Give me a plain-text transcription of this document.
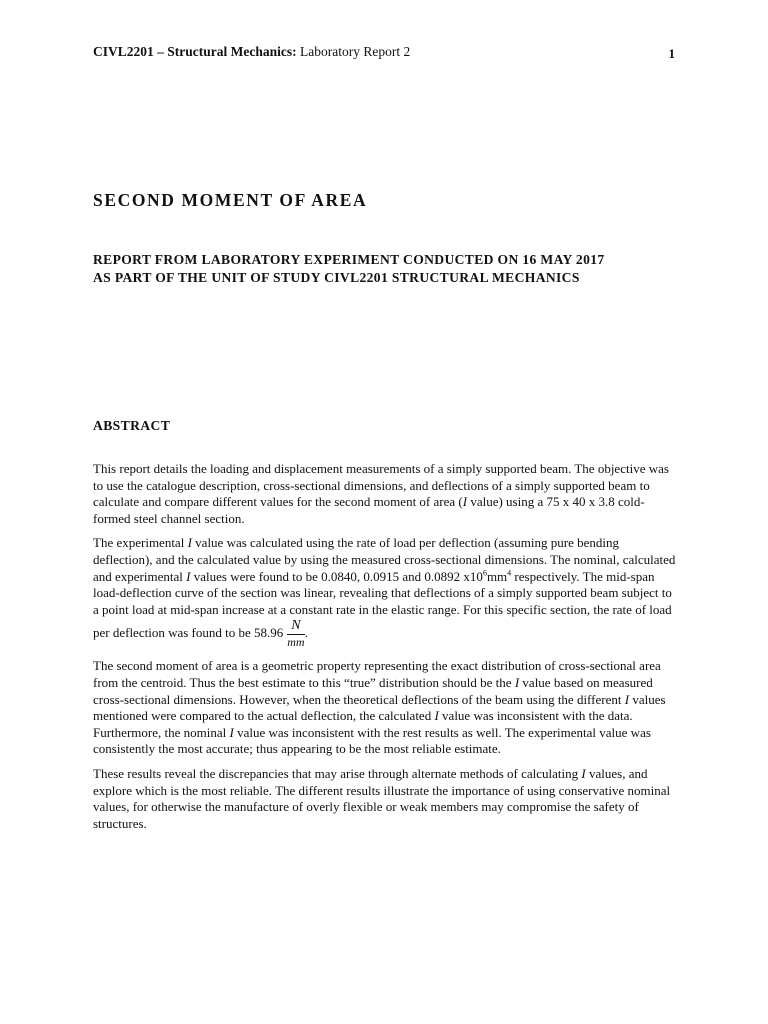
CIVL2201 – Structural Mechanics: Laboratory Report 2	1
SECOND MOMENT OF AREA
REPORT FROM LABORATORY EXPERIMENT CONDUCTED ON 16 MAY 2017
AS PART OF THE UNIT OF STUDY CIVL2201 STRUCTURAL MECHANICS
ABSTRACT

This report details the loading and displacement measurements of a simply supported beam. The objective was to use the catalogue description, cross-sectional dimensions, and deflections of a simply supported beam to calculate and compare different values for the second moment of area (I value) using a 75 x 40 x 3.8 cold-formed steel channel section.

The experimental I value was calculated using the rate of load per deflection (assuming pure bending deflection), and the calculated value by using the measured cross-sectional dimensions. The nominal, calculated and experimental I values were found to be 0.0840, 0.0915 and 0.0892 $x10^6mm^4$ respectively. The mid-span load-deflection curve of the section was linear, revealing that deflections of a simply supported beam subject to a point load at mid-span increase at a constant rate in the elastic range. For this specific section, the rate of load per deflection was found to be $58.96 \frac{N}{mm}$ .

The second moment of area is a geometric property representing the exact distribution of cross-sectional area from the centroid. Thus the best estimate to this “true” distribution should be the I value based on measured cross-sectional dimensions. However, when the theoretical deflections of the beam using the different I values mentioned were compared to the actual deflection, the calculated I value was inconsistent with the data. Furthermore, the nominal I value was inconsistent with the rest results as well. The experimental value was consistently the most accurate; thus appearing to be the most reliable estimate.

These results reveal the discrepancies that may arise through alternate methods of calculating I values, and explore which is the most reliable. The different results illustrate the importance of using conservative nominal values, for otherwise the manufacture of overly flexible or weak members may compromise the safety of structures.
